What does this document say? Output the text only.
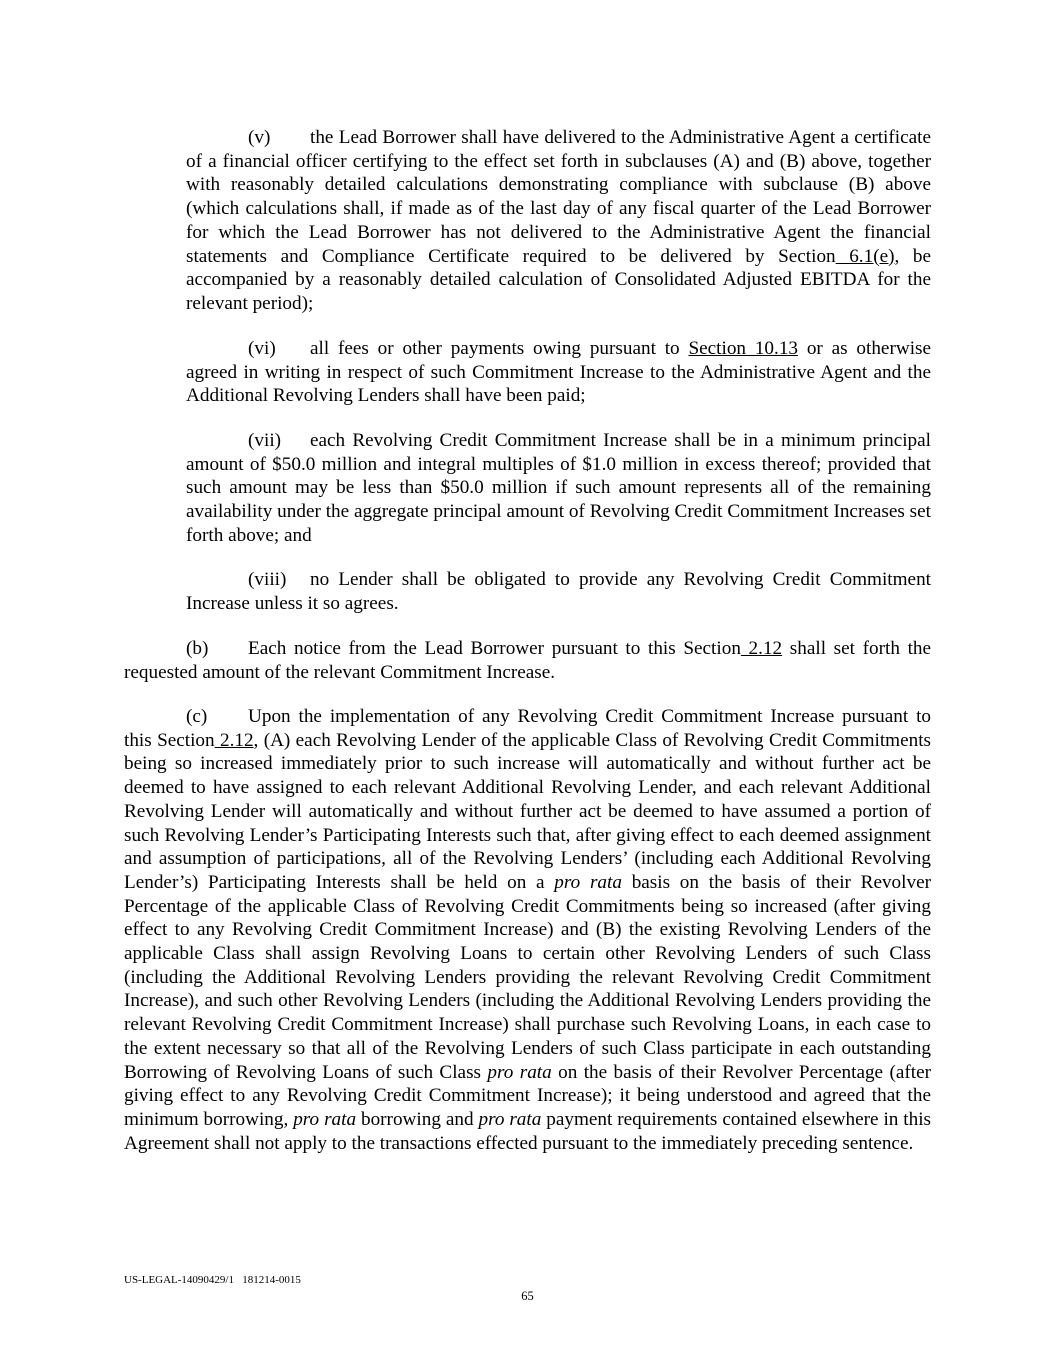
(v) the Lead Borrower shall have delivered to the Administrative Agent a certificate of a financial officer certifying to the effect set forth in subclauses (A) and (B) above, together with reasonably detailed calculations demonstrating compliance with subclause (B) above (which calculations shall, if made as of the last day of any fiscal quarter of the Lead Borrower for which the Lead Borrower has not delivered to the Administrative Agent the financial statements and Compliance Certificate required to be delivered by Section 6.1(e), be accompanied by a reasonably detailed calculation of Consolidated Adjusted EBITDA for the relevant period);

(vi) all fees or other payments owing pursuant to Section 10.13 or as otherwise agreed in writing in respect of such Commitment Increase to the Administrative Agent and the Additional Revolving Lenders shall have been paid;

(vii) each Revolving Credit Commitment Increase shall be in a minimum principal amount of $50.0 million and integral multiples of $1.0 million in excess thereof; provided that such amount may be less than $50.0 million if such amount represents all of the remaining availability under the aggregate principal amount of Revolving Credit Commitment Increases set forth above; and

(viii) no Lender shall be obligated to provide any Revolving Credit Commitment Increase unless it so agrees.

(b) Each notice from the Lead Borrower pursuant to this Section 2.12 shall set forth the requested amount of the relevant Commitment Increase.

(c) Upon the implementation of any Revolving Credit Commitment Increase pursuant to this Section 2.12, (A) each Revolving Lender of the applicable Class of Revolving Credit Commitments being so increased immediately prior to such increase will automatically and without further act be deemed to have assigned to each relevant Additional Revolving Lender, and each relevant Additional Revolving Lender will automatically and without further act be deemed to have assumed a portion of such Revolving Lender’s Participating Interests such that, after giving effect to each deemed assignment and assumption of participations, all of the Revolving Lenders’ (including each Additional Revolving Lender’s) Participating Interests shall be held on a pro rata basis on the basis of their Revolver Percentage of the applicable Class of Revolving Credit Commitments being so increased (after giving effect to any Revolving Credit Commitment Increase) and (B) the existing Revolving Lenders of the applicable Class shall assign Revolving Loans to certain other Revolving Lenders of such Class (including the Additional Revolving Lenders providing the relevant Revolving Credit Commitment Increase), and such other Revolving Lenders (including the Additional Revolving Lenders providing the relevant Revolving Credit Commitment Increase) shall purchase such Revolving Loans, in each case to the extent necessary so that all of the Revolving Lenders of such Class participate in each outstanding Borrowing of Revolving Loans of such Class pro rata on the basis of their Revolver Percentage (after giving effect to any Revolving Credit Commitment Increase); it being understood and agreed that the minimum borrowing, pro rata borrowing and pro rata payment requirements contained elsewhere in this Agreement shall not apply to the transactions effected pursuant to the immediately preceding sentence.

US-LEGAL-14090429/1   181214-0015
65
